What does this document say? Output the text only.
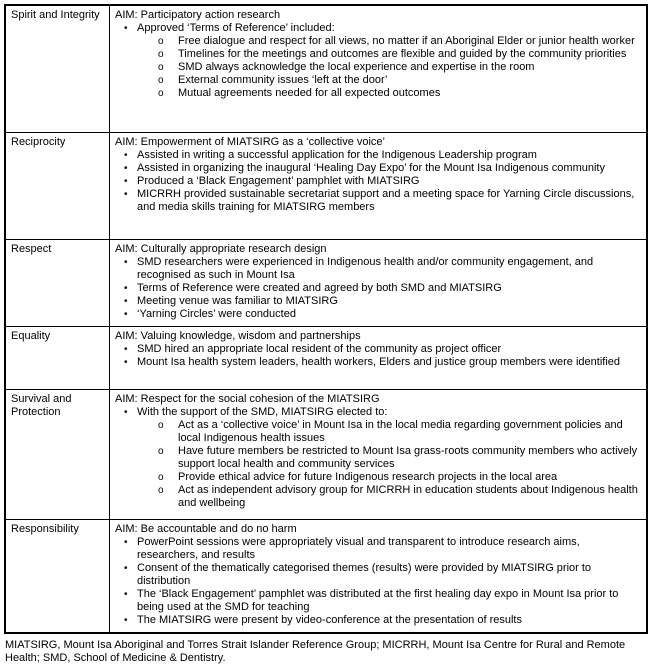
Spirit and Integrity	AIM: Participatory action research
• Approved ‘Terms of Reference’ included:
o	Free dialogue and respect for all views, no matter if an Aboriginal Elder or junior health worker
o	Timelines for the meetings and outcomes are flexible and guided by the community priorities
o	SMD always acknowledge the local experience and expertise in the room
o	External community issues ‘left at the door’
o	Mutual agreements needed for all expected outcomes

Reciprocity	AIM: Empowerment of MIATSIRG as a ‘collective voice’
• Assisted in writing a successful application for the Indigenous Leadership program
• Assisted in organizing the inaugural ‘Healing Day Expo’ for the Mount Isa Indigenous community
• Produced a ‘Black Engagement’ pamphlet with MIATSIRG
• MICRRH provided sustainable secretariat support and a meeting space for Yarning Circle discussions, and media skills training for MIATSIRG members

Respect	AIM: Culturally appropriate research design
• SMD researchers were experienced in Indigenous health and/or community engagement, and recognised as such in Mount Isa
• Terms of Reference were created and agreed by both SMD and MIATSIRG
• Meeting venue was familiar to MIATSIRG
• ‘Yarning Circles’ were conducted

Equality	AIM: Valuing knowledge, wisdom and partnerships
• SMD hired an appropriate local resident of the community as project officer
• Mount Isa health system leaders, health workers, Elders and justice group members were identified

Survival and Protection	
AIM: Respect for the social cohesion of the MIATSIRG
• With the support of the SMD, MIATSIRG elected to:
o	Act as a ‘collective voice’ in Mount Isa in the local media regarding government policies and local Indigenous health issues
o	Have future members be restricted to Mount Isa grass-roots community members who actively support local health and community services
o	Provide ethical advice for future Indigenous research projects in the local area
o	Act as independent advisory group for MICRRH in education students about Indigenous health and wellbeing

Responsibility	AIM: Be accountable and do no harm
• PowerPoint sessions were appropriately visual and transparent to introduce research aims, researchers, and results
• Consent of the thematically categorised themes (results) were provided by MIATSIRG prior to distribution
• The ‘Black Engagement’ pamphlet was distributed at the first healing day expo in Mount Isa prior to being used at the SMD for teaching
• The MIATSIRG were present by video-conference at the presentation of results
MIATSIRG, Mount Isa Aboriginal and Torres Strait Islander Reference Group; MICRRH, Mount Isa Centre for Rural and Remote Health; SMD, School of Medicine & Dentistry.
